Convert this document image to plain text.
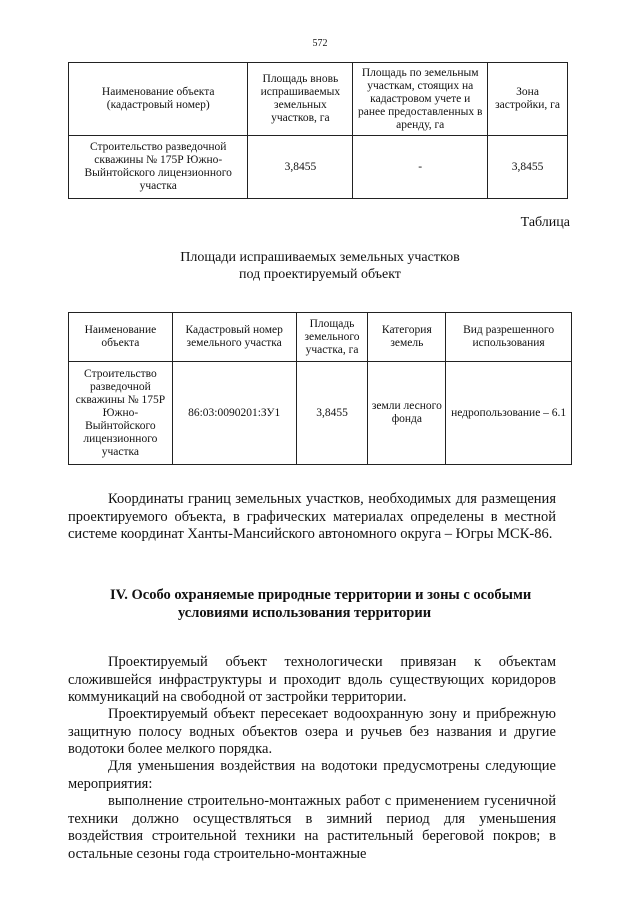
572
Наименование объекта (кадастровый номер)	Площадь вновь испрашиваемых земельных участков, га	Площадь по земельным участкам, стоящих на кадастровом учете и ранее предоставленных в аренду, га	Зона застройки, га
Строительство разведочной скважины № 175Р Южно-Выйнтойского лицензионного участка	3,8455	-	3,8455
Таблица
Площади испрашиваемых земельных участков
под проектируемый объект
Наименование объекта	Кадастровый номер земельного участка	Площадь земельного участка, га	Категория земель	Вид разрешенного использования
Строительство разведочной скважины № 175Р Южно-Выйнтойского лицензионного участка	86:03:0090201:ЗУ1	3,8455	земли лесного фонда	недропользование – 6.1
Координаты границ земельных участков, необходимых для размещения проектируемого объекта, в графических материалах определены в местной системе координат Ханты-Мансийского автономного округа – Югры МСК-86.
IV. Особо охраняемые природные территории и зоны с особыми
условиями использования территории
Проектируемый объект технологически привязан к объектам сложившейся инфраструктуры и проходит вдоль существующих коридоров коммуникаций на свободной от застройки территории.
Проектируемый объект пересекает водоохранную зону и прибрежную защитную полосу водных объектов озера и ручьев без названия и другие водотоки более мелкого порядка.
Для уменьшения воздействия на водотоки предусмотрены следующие мероприятия:
выполнение строительно-монтажных работ с применением гусеничной техники должно осуществляться в зимний период для уменьшения воздействия строительной техники на растительный береговой покров; в остальные сезоны года строительно-монтажные
